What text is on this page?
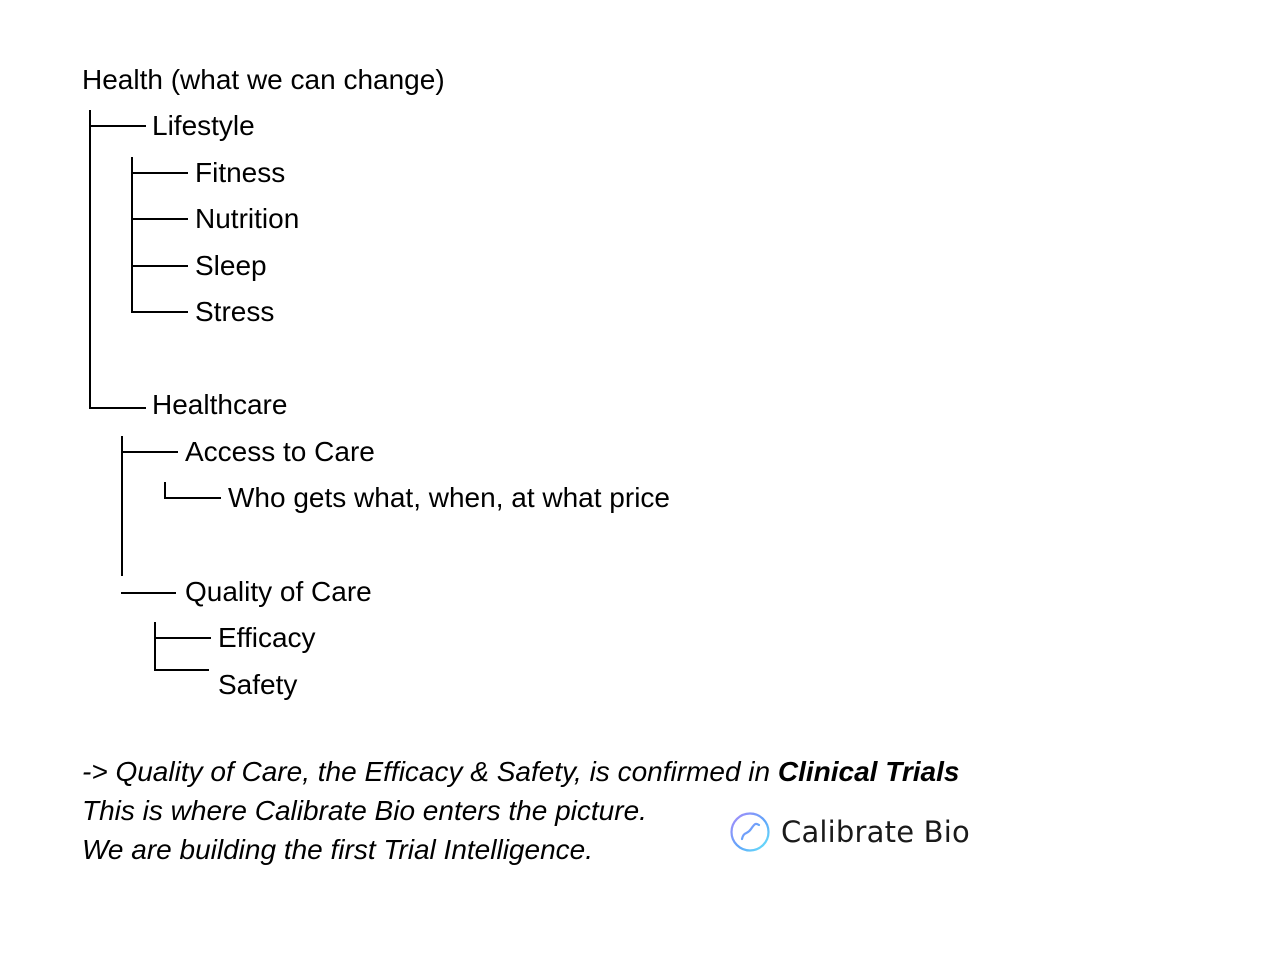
Health (what we can change)
Lifestyle
Fitness
Nutrition
Sleep
Stress
Healthcare
Access to Care
Who gets what, when, at what price
Quality of Care
Efficacy
Safety
-> Quality of Care, the Efficacy & Safety, is confirmed in Clinical Trials
This is where Calibrate Bio enters the picture.
We are building the first Trial Intelligence.
Calibrate Bio
